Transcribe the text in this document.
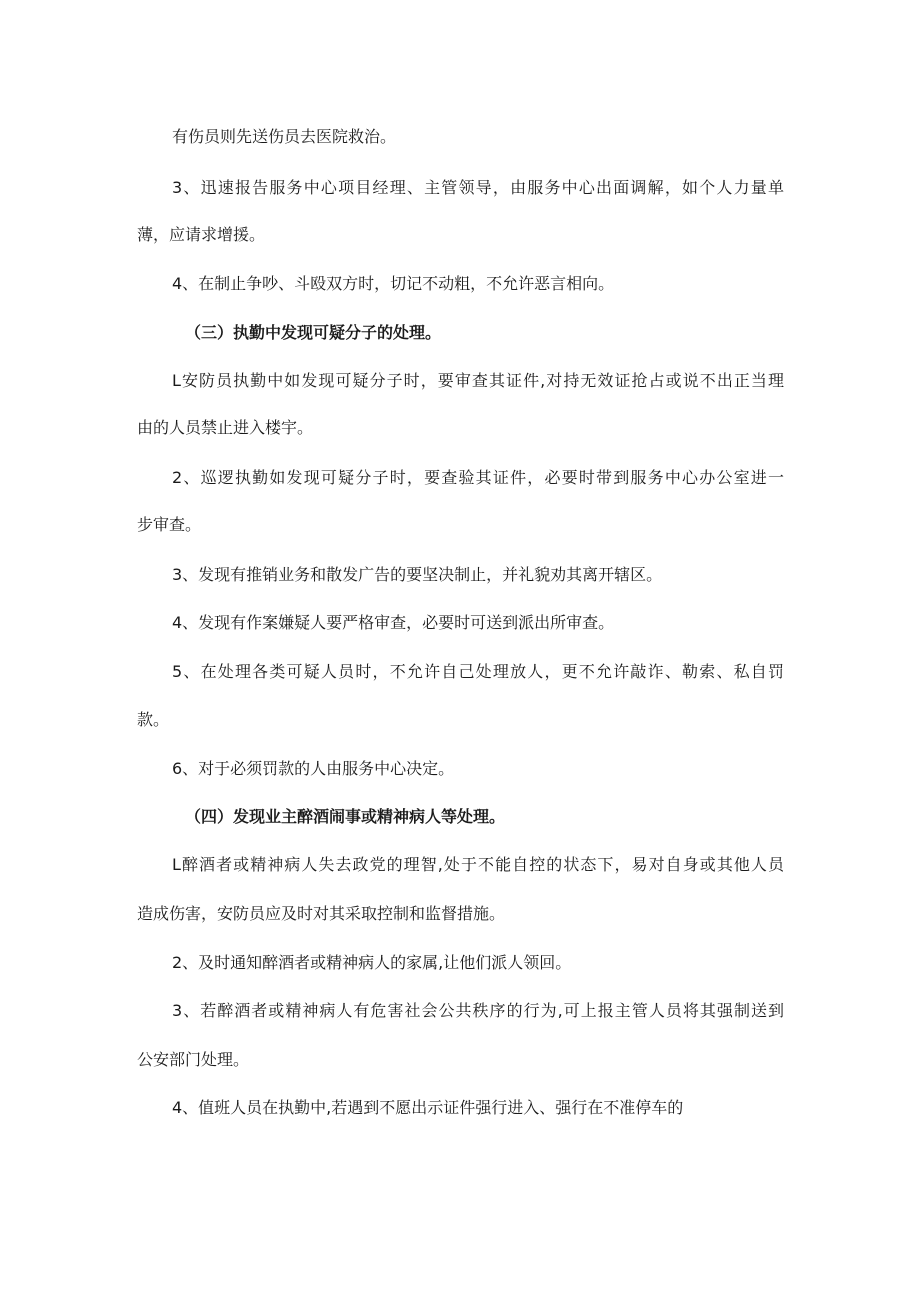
有伤员则先送伤员去医院救治。
3、迅速报告服务中心项目经理、主管领导，由服务中心出面调解，如个人力量单
薄，应请求增援。
4、在制止争吵、斗殴双方时，切记不动粗，不允许恶言相向。
（三）执勤中发现可疑分子的处理。
L安防员执勤中如发现可疑分子时，要审查其证件,对持无效证抢占或说不出正当理
由的人员禁止进入楼宇。
2、巡逻执勤如发现可疑分子时，要查验其证件，必要时带到服务中心办公室进一
步审查。
3、发现有推销业务和散发广告的要坚决制止，并礼貌劝其离开辖区。
4、发现有作案嫌疑人要严格审查，必要时可送到派出所审查。
5、在处理各类可疑人员时，不允许自己处理放人，更不允许敲诈、勒索、私自罚
款。
6、对于必须罚款的人由服务中心决定。
（四）发现业主醉酒闹事或精神病人等处理。
L醉酒者或精神病人失去政党的理智,处于不能自控的状态下，易对自身或其他人员
造成伤害，安防员应及时对其采取控制和监督措施。
2、及时通知醉酒者或精神病人的家属,让他们派人领回。
3、若醉酒者或精神病人有危害社会公共秩序的行为,可上报主管人员将其强制送到
公安部门处理。
4、值班人员在执勤中,若遇到不愿出示证件强行进入、强行在不准停车的
